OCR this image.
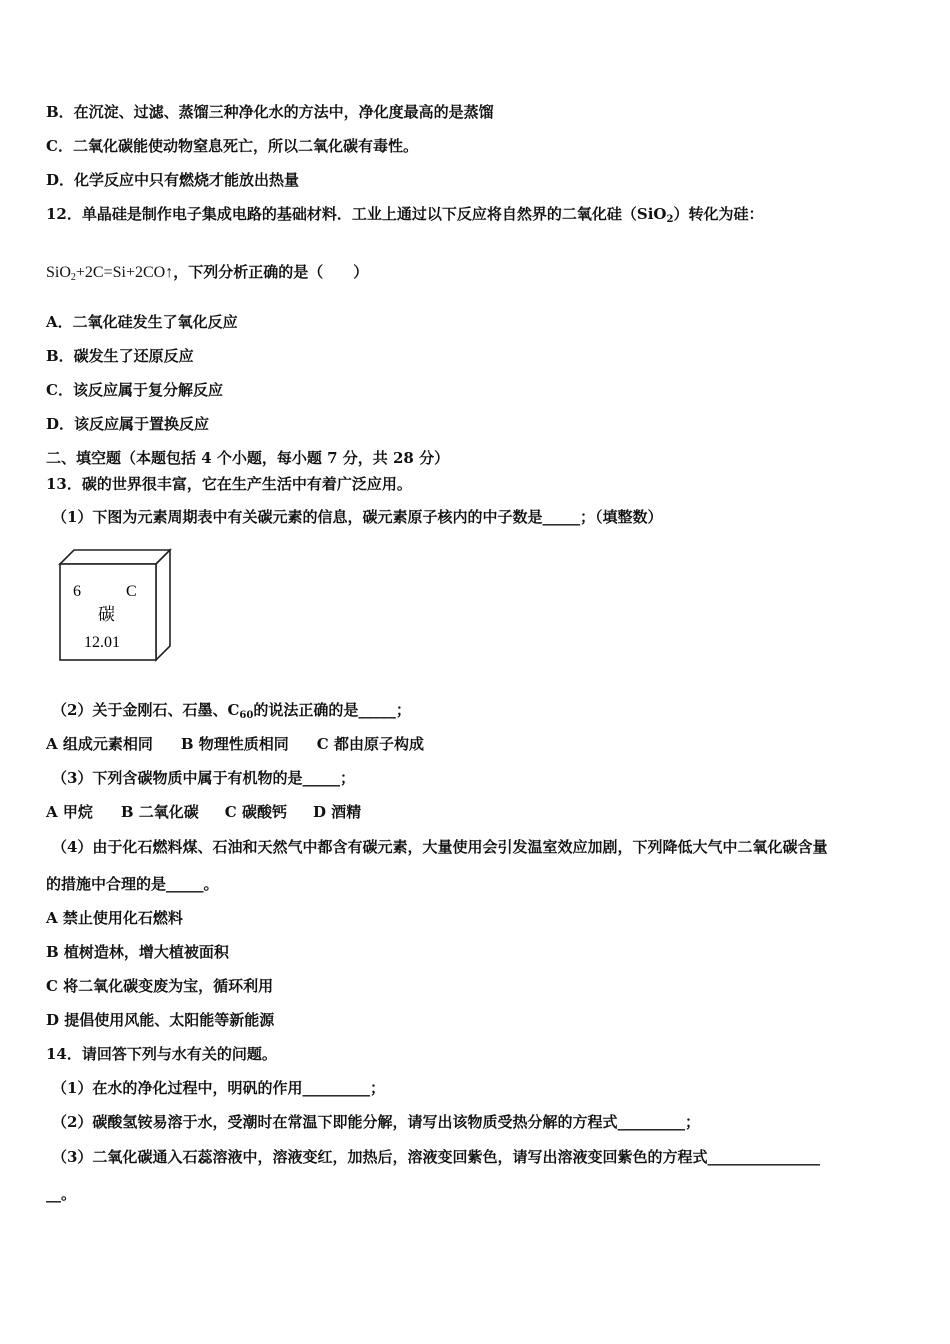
B．在沉淀、过滤、蒸馏三种净化水的方法中，净化度最高的是蒸馏
C．二氧化碳能使动物窒息死亡，所以二氧化碳有毒性。
D．化学反应中只有燃烧才能放出热量
12．单晶硅是制作电子集成电路的基础材料．工业上通过以下反应将自然界的二氧化硅（SiO$_2$）转化为硅：
SiO$_2$+2C=Si+2CO↑，下列分析正确的是（　　）
A．二氧化硅发生了氧化反应
B．碳发生了还原反应
C．该反应属于复分解反应
D．该反应属于置换反应
二、填空题（本题包括 4 个小题，每小题 7 分，共 28 分）
13．碳的世界很丰富，它在生产生活中有着广泛应用。
（1）下图为元素周期表中有关碳元素的信息，碳元素原子核内的中子数是_____；（填整数）
6	C
碳
12.01
（2）关于金刚石、石墨、$C_{60}$的说法正确的是_____；
A 组成元素相同 B 物理性质相同 C 都由原子构成
（3）下列含碳物质中属于有机物的是_____；
A 甲烷 B 二氧化碳 C 碳酸钙 D 酒精
（4）由于化石燃料煤、石油和天然气中都含有碳元素，大量使用会引发温室效应加剧，下列降低大气中二氧化碳含量
的措施中合理的是_____。
A 禁止使用化石燃料
B 植树造林，增大植被面积
C 将二氧化碳变废为宝，循环利用
D 提倡使用风能、太阳能等新能源
14．请回答下列与水有关的问题。
（1）在水的净化过程中，明矾的作用_________；
（2）碳酸氢铵易溶于水，受潮时在常温下即能分解，请写出该物质受热分解的方程式_________；
（3）二氧化碳通入石蕊溶液中，溶液变红，加热后，溶液变回紫色，请写出溶液变回紫色的方程式_______________
__。
